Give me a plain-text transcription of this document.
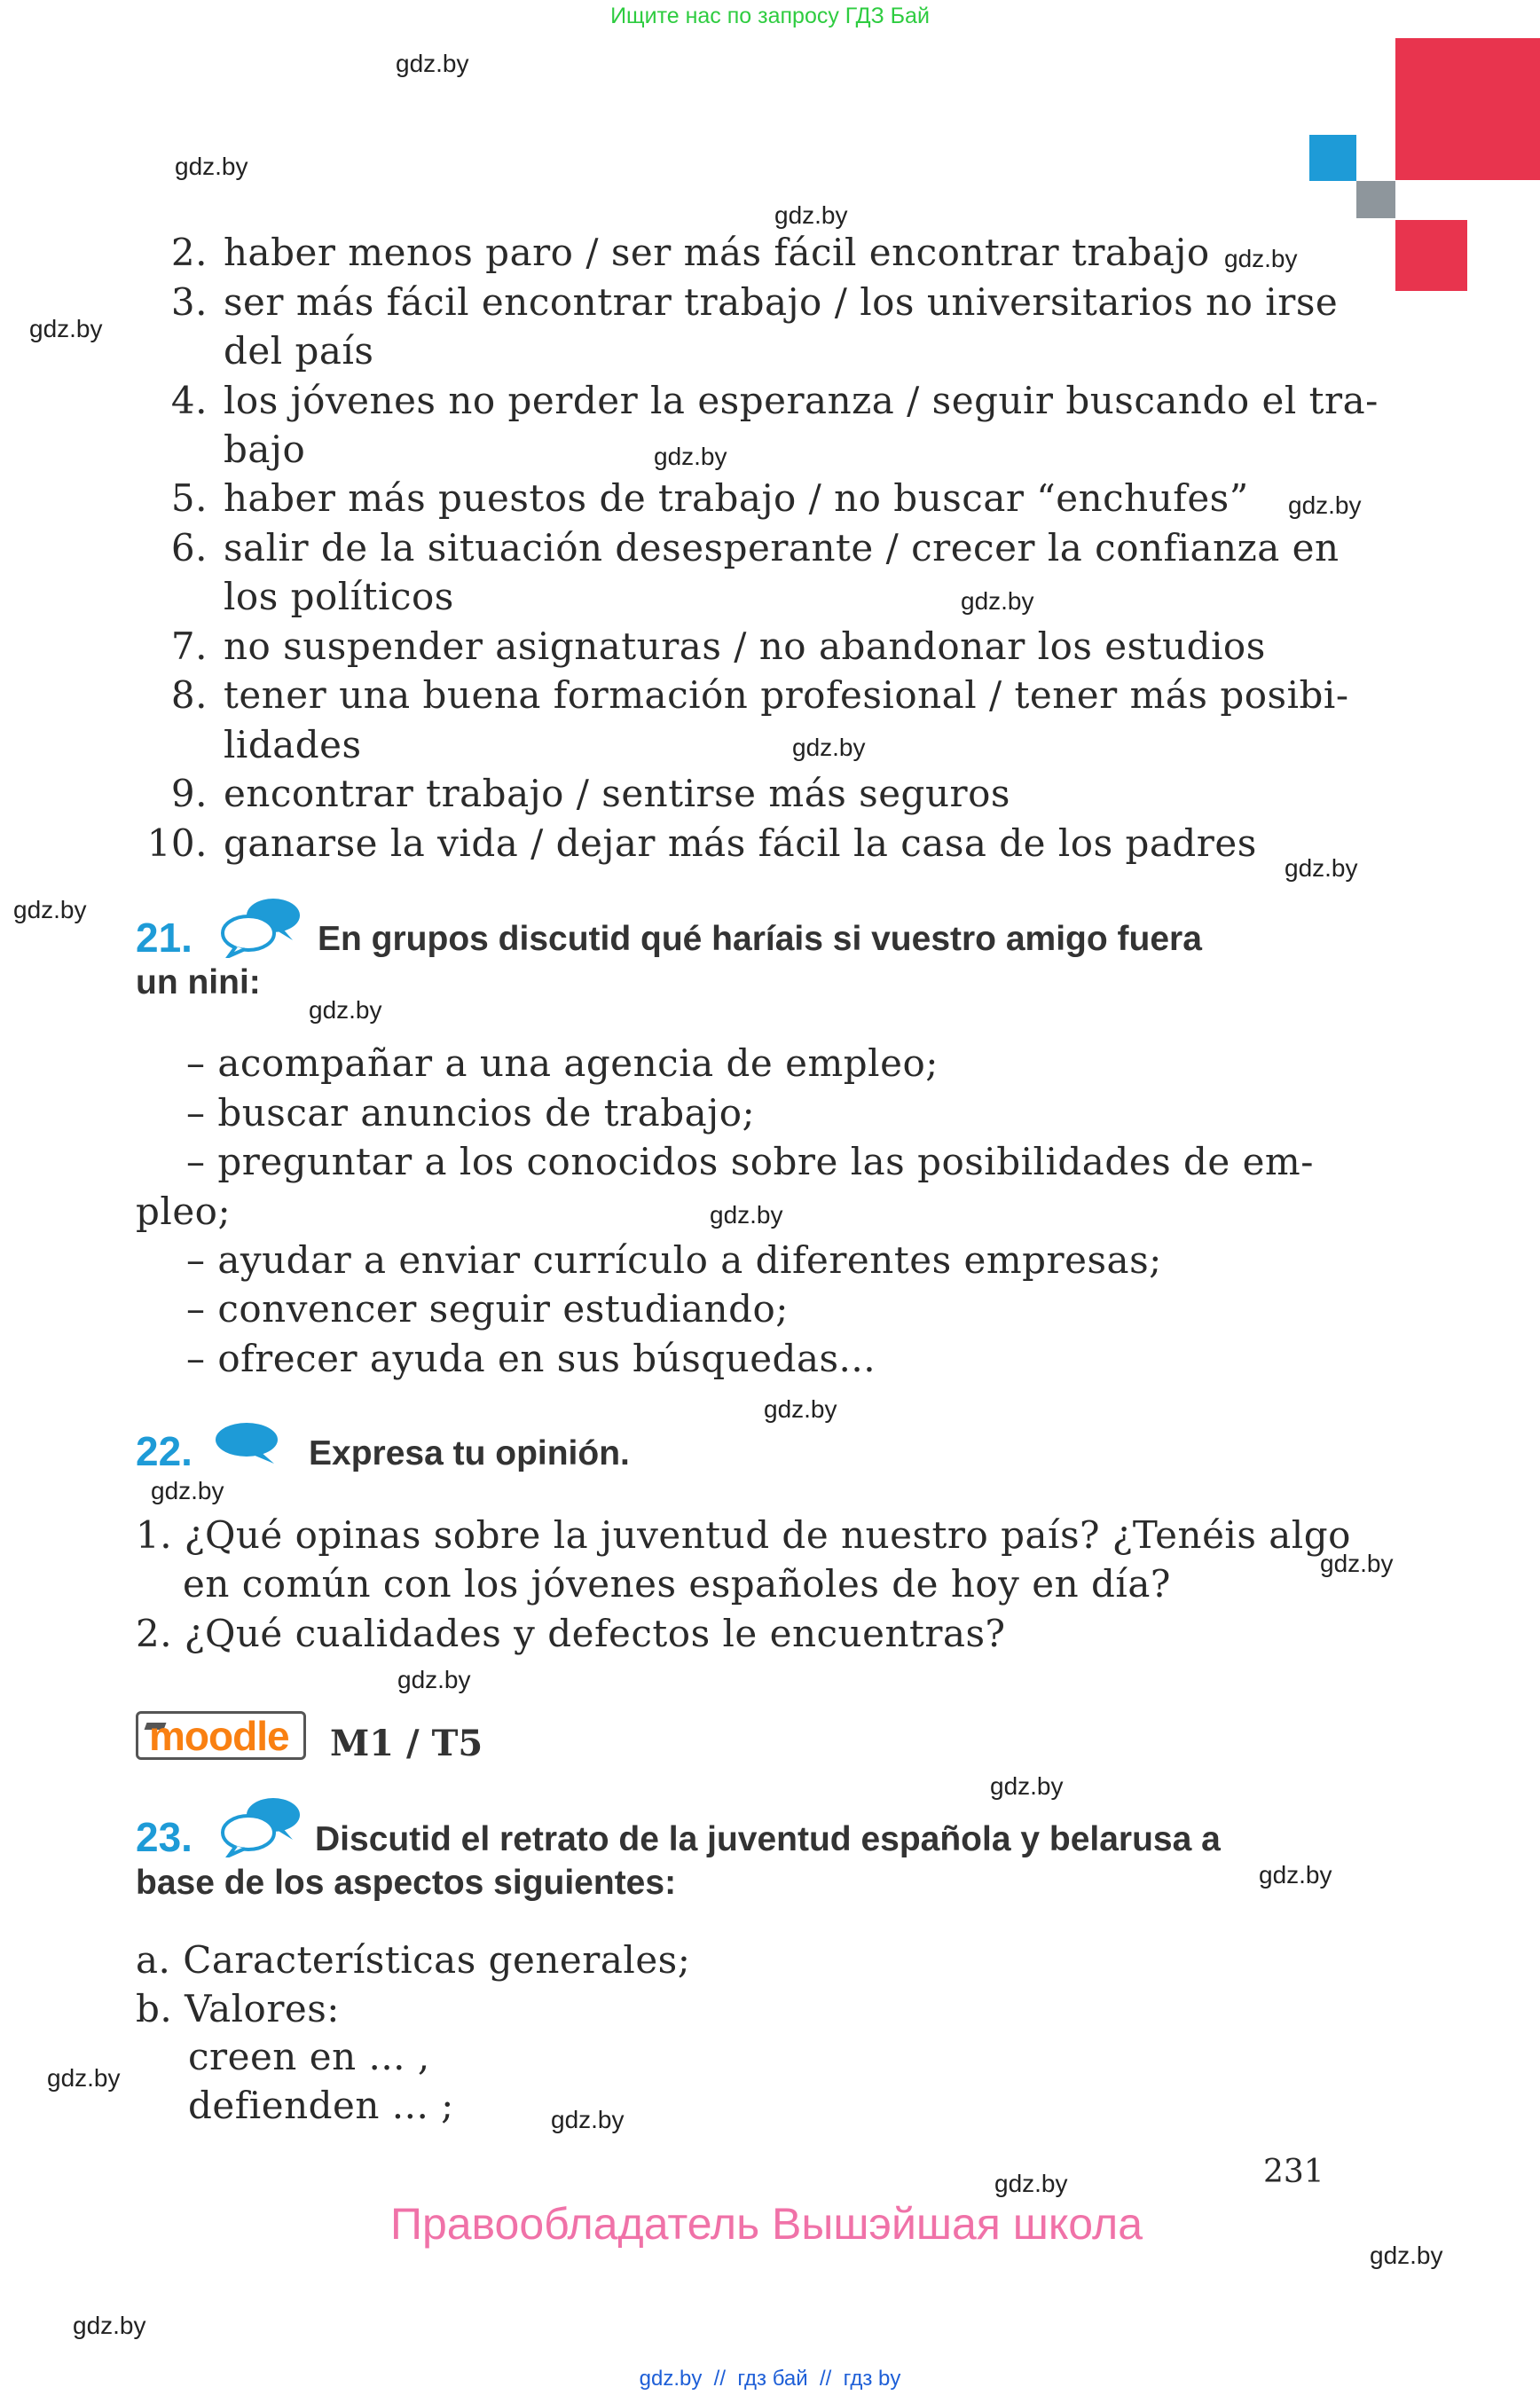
Ищите нас по запросу ГДЗ Бай
gdz.by
gdz.by
gdz.by
gdz.by
gdz.by
gdz.by
gdz.by
gdz.by
gdz.by
gdz.by
gdz.by
gdz.by
gdz.by
gdz.by
gdz.by
gdz.by
gdz.by
gdz.by
gdz.by
gdz.by
gdz.by
gdz.by
gdz.by
gdz.by
2. haber menos paro / ser más fácil encontrar trabajo
3. ser más fácil encontrar trabajo / los universitarios no irse
del país
4. los jóvenes no perder la esperanza / seguir buscando el tra-
bajo
5. haber más puestos de trabajo / no buscar “enchufes”
6. salir de la situación desesperante / crecer la confianza en
los políticos
7. no suspender asignaturas / no abandonar los estudios
8. tener una buena formación profesional / tener más posibi-
lidades
9. encontrar trabajo / sentirse más seguros
10. ganarse la vida / dejar más fácil la casa de los padres
21.	En grupos discutid qué haríais si vuestro amigo fuera
un nini:
– acompañar a una agencia de empleo;
– buscar anuncios de trabajo;
– preguntar a los conocidos sobre las posibilidades de em-
pleo;
– ayudar a enviar currículo a diferentes empresas;
– convencer seguir estudiando;
– ofrecer ayuda en sus búsquedas...
22.	Expresa tu opinión.
1. ¿Qué opinas sobre la juventud de nuestro país? ¿Tenéis algo
en común con los jóvenes españoles de hoy en día?
2. ¿Qué cualidades y defectos le encuentras?
moodle M1 / T5
23.	Discutid el retrato de la juventud española y belarusa a
base de los aspectos siguientes:
a. Características generales;
b. Valores:
creen en ... ,
defienden ... ;
231
Правообладатель Вышэйшая школа
gdz.by  //  гдз бай  //  гдз by
